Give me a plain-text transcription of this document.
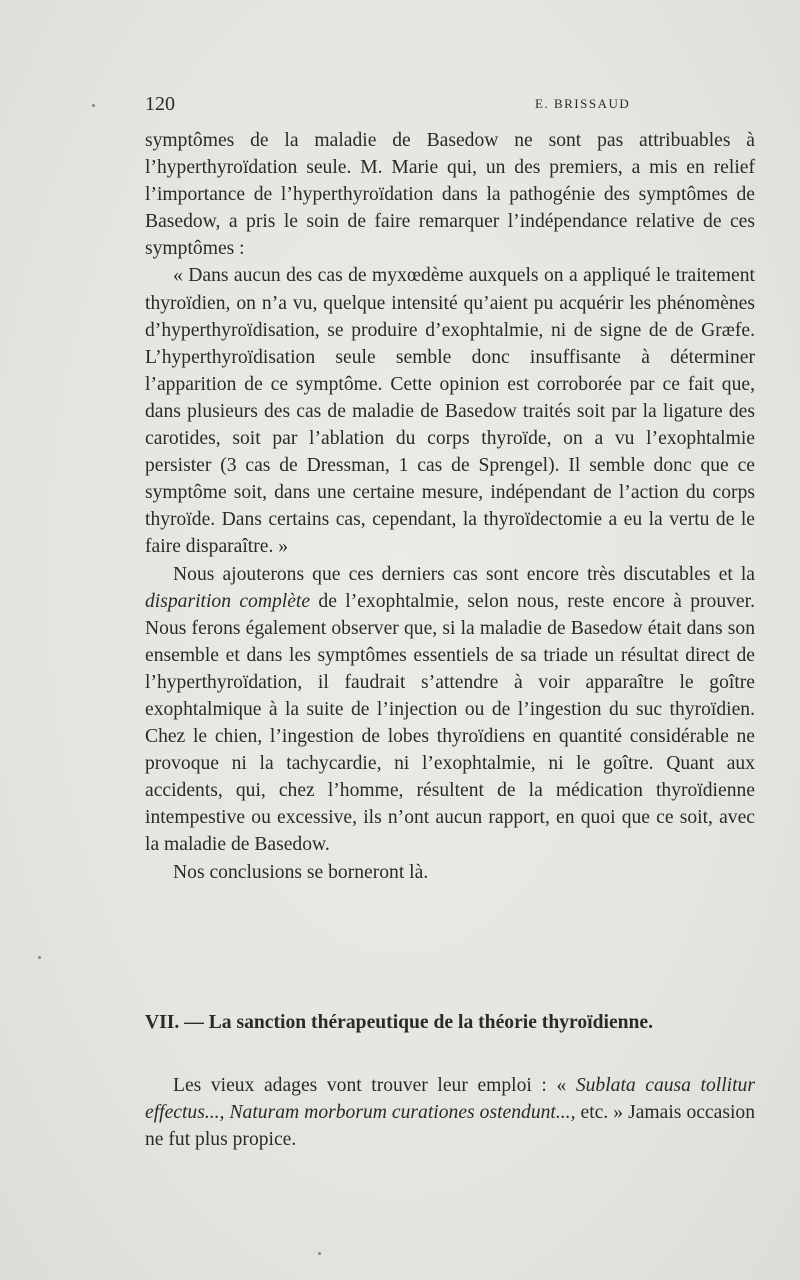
120	E. BRISSAUD

symptômes de la maladie de Basedow ne sont pas attribuables à l’hyperthyroïdation seule. M. Marie qui, un des premiers, a mis en relief l’importance de l’hyperthyroïdation dans la pathogénie des symptômes de Basedow, a pris le soin de faire remarquer l’indépendance relative de ces symptômes :

« Dans aucun des cas de myxœdème auxquels on a appliqué le traitement thyroïdien, on n’a vu, quelque intensité qu’aient pu acquérir les phénomènes d’hyperthyroïdisation, se produire d’exophtalmie, ni de signe de de Græfe. L’hyperthyroïdisation seule semble donc insuffisante à déterminer l’apparition de ce symptôme. Cette opinion est corroborée par ce fait que, dans plusieurs des cas de maladie de Basedow traités soit par la ligature des carotides, soit par l’ablation du corps thyroïde, on a vu l’exophtalmie persister (3 cas de Dressman, 1 cas de Sprengel). Il semble donc que ce symptôme soit, dans une certaine mesure, indépendant de l’action du corps thyroïde. Dans certains cas, cependant, la thyroïdectomie a eu la vertu de le faire disparaître. »

Nous ajouterons que ces derniers cas sont encore très discutables et la disparition complète de l’exophtalmie, selon nous, reste encore à prouver. Nous ferons également observer que, si la maladie de Basedow était dans son ensemble et dans les symptômes essentiels de sa triade un résultat direct de l’hyperthyroïdation, il faudrait s’attendre à voir apparaître le goître exophtalmique à la suite de l’injection ou de l’ingestion du suc thyroïdien. Chez le chien, l’ingestion de lobes thyroïdiens en quantité considérable ne provoque ni la tachycardie, ni l’exophtalmie, ni le goître. Quant aux accidents, qui, chez l’homme, résultent de la médication thyroïdienne intempestive ou excessive, ils n’ont aucun rapport, en quoi que ce soit, avec la maladie de Basedow.

Nos conclusions se borneront là.

VII. — La sanction thérapeutique de la théorie thyroïdienne.

Les vieux adages vont trouver leur emploi : « Sublata causa tollitur effectus..., Naturam morborum curationes ostendunt..., etc. » Jamais occasion ne fut plus propice.
